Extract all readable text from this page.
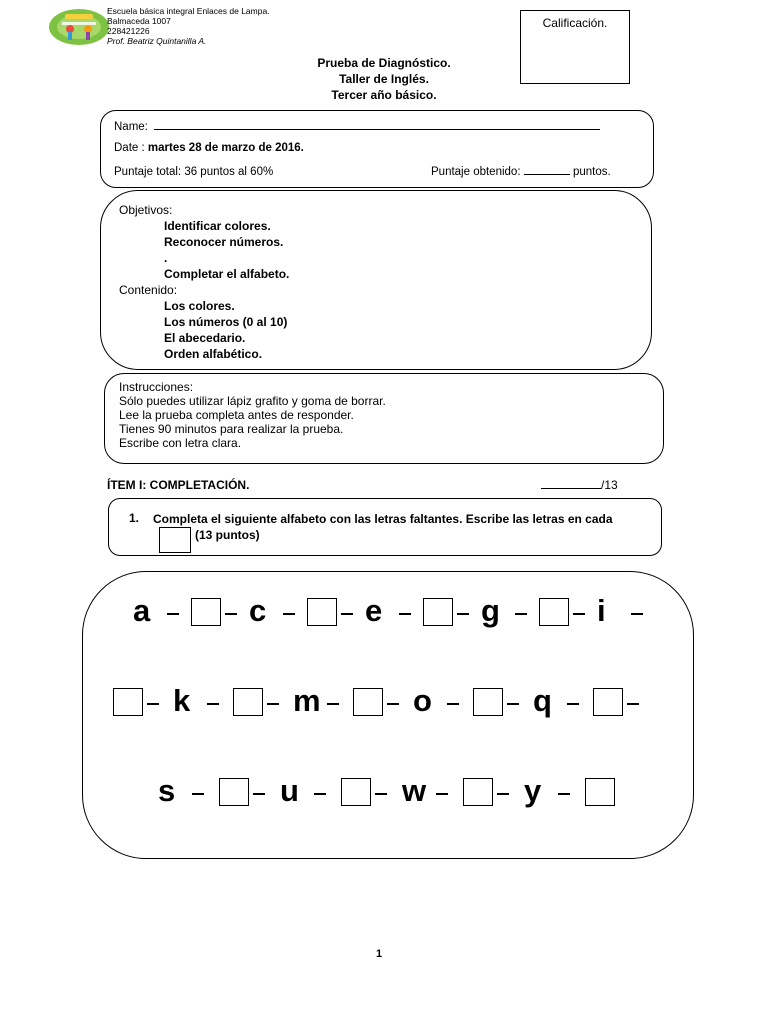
Escuela básica integral Enlaces de Lampa.
Balmaceda 1007
228421226
Prof. Beatriz Quintanilla A.
Calificación.
Prueba de Diagnóstico.
Taller de Inglés.
Tercer año básico.
Name:
Date : martes 28 de marzo de 2016.
Puntaje total: 36 puntos al 60%	Puntaje obtenido:	puntos.
Objetivos:
Identificar colores.
Reconocer números.
.
Completar el alfabeto.
Contenido:
Los colores.
Los números (0 al 10)
El abecedario.
Orden alfabético.
Instrucciones:
Sólo puedes utilizar lápiz grafito y goma de borrar.
Lee la prueba completa antes de responder.
Tienes 90 minutos para realizar la prueba.
Escribe con letra clara.
ÍTEM I: COMPLETACIÓN.	/13
1. Completa el siguiente alfabeto con las letras faltantes. Escribe las letras en cada(13 puntos)
a	c	e	g	i
k	m	o	q
s	u	w	y
1
